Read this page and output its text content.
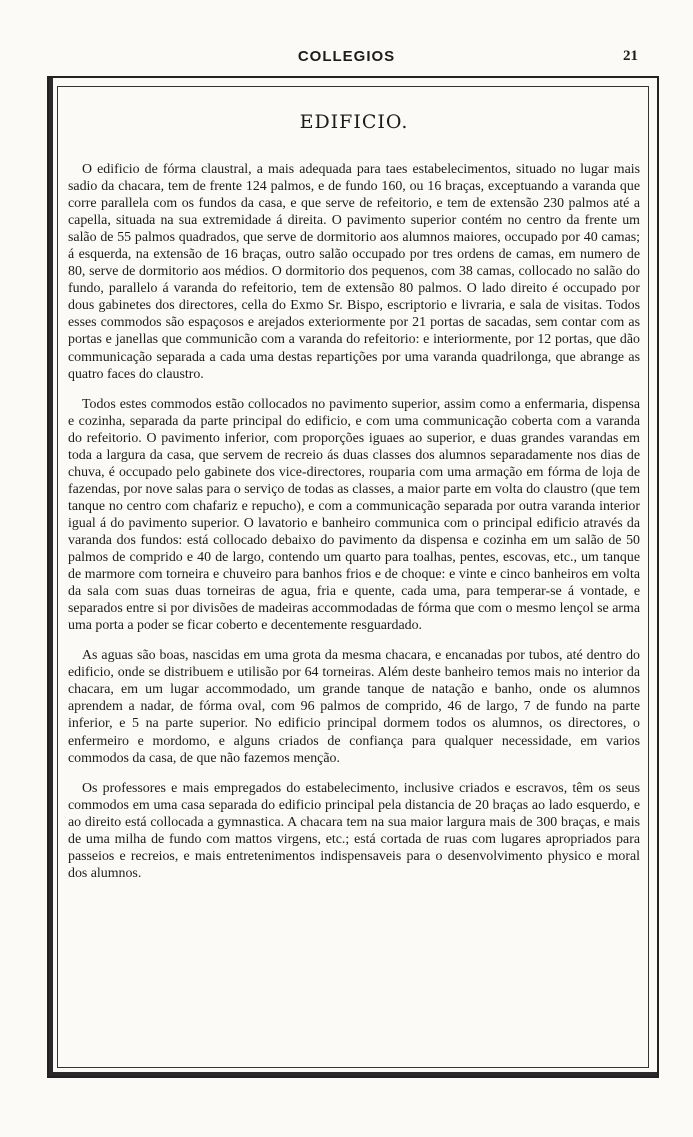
COLLEGIOS	21
EDIFICIO.

O edificio de fórma claustral, a mais adequada para taes estabelecimentos, situado no lugar mais sadio da chacara, tem de frente 124 palmos, e de fundo 160, ou 16 braças, exceptuando a varanda que corre parallela com os fundos da casa, e que serve de refeitorio, e tem de extensão 230 palmos até a capella, situada na sua extremidade á direita. O pavimento superior contém no centro da frente um salão de 55 palmos quadrados, que serve de dormitorio aos alumnos maiores, occupado por 40 camas; á esquerda, na extensão de 16 braças, outro salão occupado por tres ordens de camas, em numero de 80, serve de dormitorio aos médios. O dormitorio dos pequenos, com 38 camas, collocado no salão do fundo, parallelo á varanda do refeitorio, tem de extensão 80 palmos. O lado direito é occupado por dous gabinetes dos directores, cella do Exmo Sr. Bispo, escriptorio e livraria, e sala de visitas. Todos esses commodos são espaçosos e arejados exteriormente por 21 portas de sacadas, sem contar com as portas e janellas que communicão com a varanda do refeitorio: e interiormente, por 12 portas, que dão communicação separada a cada uma destas repartições por uma varanda quadrilonga, que abrange as quatro faces do claustro.

Todos estes commodos estão collocados no pavimento superior, assim como a enfermaria, dispensa e cozinha, separada da parte principal do edificio, e com uma communicação coberta com a varanda do refeitorio. O pavimento inferior, com proporções iguaes ao superior, e duas grandes varandas em toda a largura da casa, que servem de recreio ás duas classes dos alumnos separadamente nos dias de chuva, é occupado pelo gabinete dos vice-directores, rouparia com uma armação em fórma de loja de fazendas, por nove salas para o serviço de todas as classes, a maior parte em volta do claustro (que tem tanque no centro com chafariz e repucho), e com a communicação separada por outra varanda interior igual á do pavimento superior. O lavatorio e banheiro communica com o principal edificio através da varanda dos fundos: está collocado debaixo do pavimento da dispensa e cozinha em um salão de 50 palmos de comprido e 40 de largo, contendo um quarto para toalhas, pentes, escovas, etc., um tanque de marmore com torneira e chuveiro para banhos frios e de choque: e vinte e cinco banheiros em volta da sala com suas duas torneiras de agua, fria e quente, cada uma, para temperar-se á vontade, e separados entre si por divisões de madeiras accommodadas de fórma que com o mesmo lençol se arma uma porta a poder se ficar coberto e decentemente resguardado.

As aguas são boas, nascidas em uma grota da mesma chacara, e encanadas por tubos, até dentro do edificio, onde se distribuem e utilisão por 64 torneiras. Além deste banheiro temos mais no interior da chacara, em um lugar accommodado, um grande tanque de natação e banho, onde os alumnos aprendem a nadar, de fórma oval, com 96 palmos de comprido, 46 de largo, 7 de fundo na parte inferior, e 5 na parte superior. No edificio principal dormem todos os alumnos, os directores, o enfermeiro e mordomo, e alguns criados de confiança para qualquer necessidade, em varios commodos da casa, de que não fazemos menção.

Os professores e mais empregados do estabelecimento, inclusive criados e escravos, têm os seus commodos em uma casa separada do edificio principal pela distancia de 20 braças ao lado esquerdo, e ao direito está collocada a gymnastica. A chacara tem na sua maior largura mais de 300 braças, e mais de uma milha de fundo com mattos virgens, etc.; está cortada de ruas com lugares apropriados para passeios e recreios, e mais entretenimentos indispensaveis para o desenvolvimento physico e moral dos alumnos.
